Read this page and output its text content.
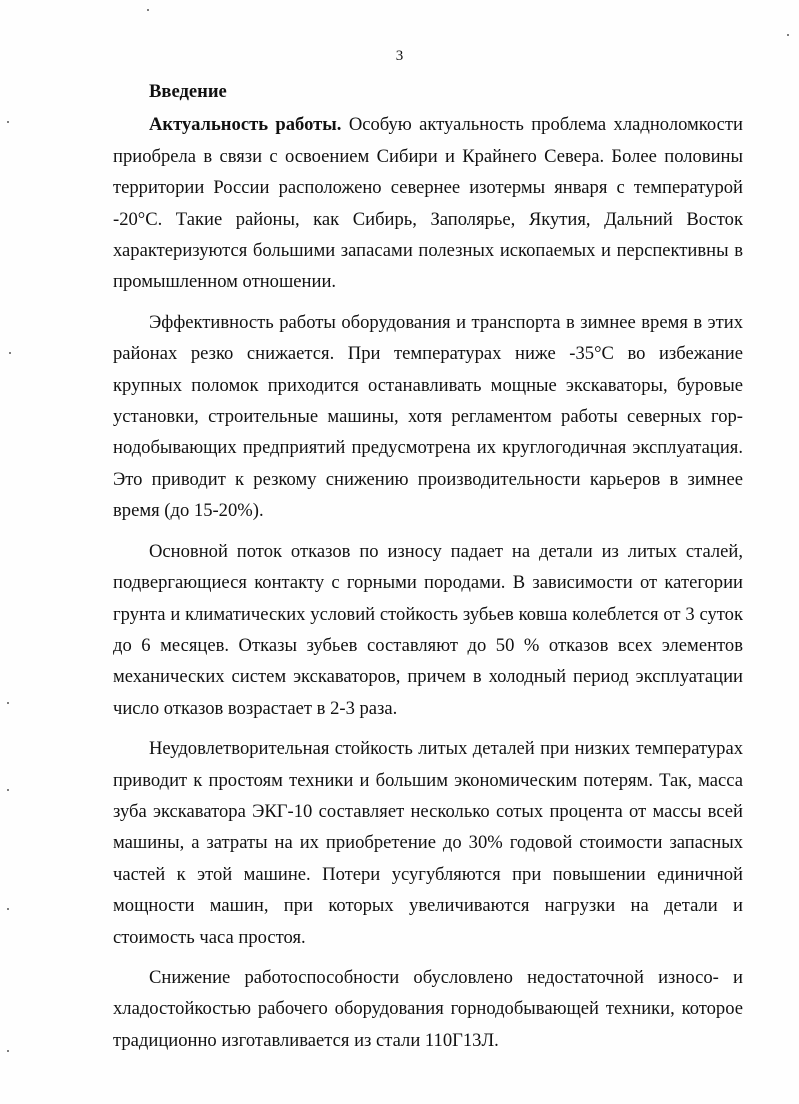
3
Введение

Актуальность работы. Особую актуальность проблема хладноломкости приобрела в связи с освоением Сибири и Крайнего Севера. Более половины территории России расположено севернее изотермы января с температурой -20°С. Такие районы, как Сибирь, Заполярье, Якутия, Дальний Восток характеризуются большими запасами полезных ископаемых и перспективны в промышленном отношении.

Эффективность работы оборудования и транспорта в зимнее время в этих районах резко снижается. При температурах ниже -35°С во избежание крупных поломок приходится останавливать мощные экскаваторы, буровые установки, строительные машины, хотя регламентом работы северных горнодобывающих предприятий предусмотрена их круглогодичная эксплуатация. Это приводит к резкому снижению производительности карьеров в зимнее время (до 15-20%).

Основной поток отказов по износу падает на детали из литых сталей, подвергающиеся контакту с горными породами. В зависимости от категории грунта и климатических условий стойкость зубьев ковша колеблется от 3 суток до 6 месяцев. Отказы зубьев составляют до 50 % отказов всех элементов механических систем экскаваторов, причем в холодный период эксплуатации число отказов возрастает в 2-3 раза.

Неудовлетворительная стойкость литых деталей при низких температурах приводит к простоям техники и большим экономическим потерям. Так, масса зуба экскаватора ЭКГ-10 составляет несколько сотых процента от массы всей машины, а затраты на их приобретение до 30% годовой стоимости запасных частей к этой машине. Потери усугубляются при повышении единичной мощности машин, при которых увеличиваются нагрузки на детали и стоимость часа простоя.

Снижение работоспособности обусловлено недостаточной износо- и хладостойкостью рабочего оборудования горнодобывающей техники, которое традиционно изготавливается из стали 110Г13Л.
